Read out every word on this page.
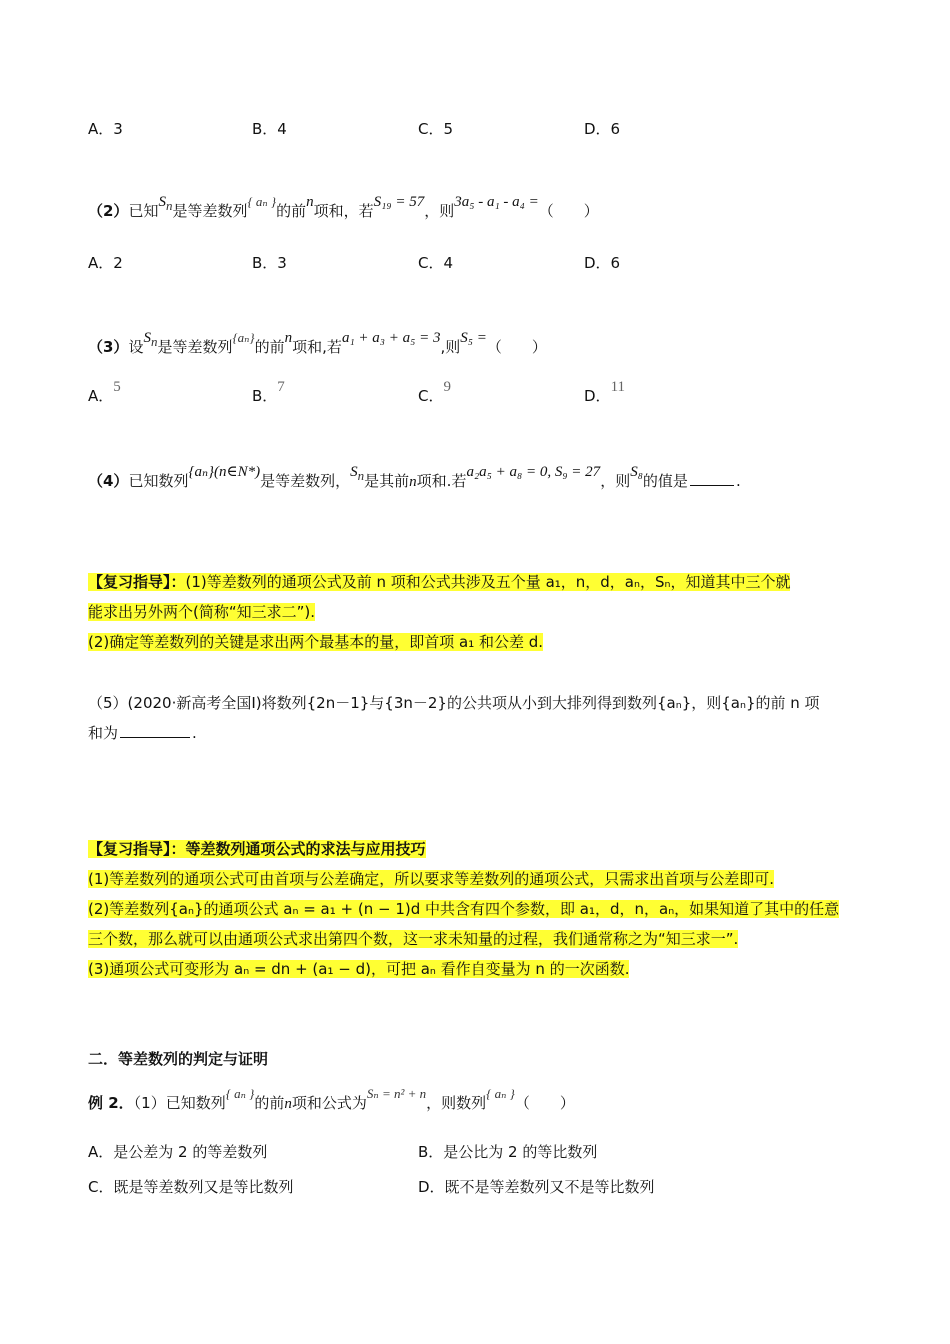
A．3	B．4	C．5	D．6
（2）已知$S_n$是等差数列{ aₙ }的前n项和，若S₁₉ = 57，则3a₅ - a₁ - a₄ =（　　）
A．2	B．3	C．4	D．6
（3）设$S_n$是等差数列{aₙ}的前n项和,若a₁ + a₃ + a₅ = 3,则S₅ =（　　）
A．5	B．7	C．9	D．11
（4）已知数列{aₙ}(n∈N*)是等差数列，$S_n$是其前n项和.若a₂a₅ + a₈ = 0, S₉ = 27，则S₈的值是	.
【复习指导】：(1)等差数列的通项公式及前 n 项和公式共涉及五个量 a₁，n，d，aₙ，Sₙ，知道其中三个就
能求出另外两个(简称“知三求二”).
(2)确定等差数列的关键是求出两个最基本的量，即首项 a₁ 和公差 d.
（5）(2020·新高考全国Ⅰ)将数列{2n－1}与{3n－2}的公共项从小到大排列得到数列{aₙ}，则{aₙ}的前 n 项
和为	.
【复习指导】：等差数列通项公式的求法与应用技巧
(1)等差数列的通项公式可由首项与公差确定，所以要求等差数列的通项公式，只需求出首项与公差即可.
(2)等差数列{aₙ}的通项公式 aₙ = a₁ + (n − 1)d 中共含有四个参数，即 a₁，d，n，aₙ，如果知道了其中的任意
三个数，那么就可以由通项公式求出第四个数，这一求未知量的过程，我们通常称之为“知三求一”.
(3)通项公式可变形为 aₙ = dn + (a₁ − d)，可把 aₙ 看作自变量为 n 的一次函数.
二．等差数列的判定与证明
例 2．（1）已知数列{ aₙ }的前n项和公式为Sₙ = n² + n，则数列{ aₙ }（　　）
A．是公差为 2 的等差数列	B．是公比为 2 的等比数列
C．既是等差数列又是等比数列	D．既不是等差数列又不是等比数列
